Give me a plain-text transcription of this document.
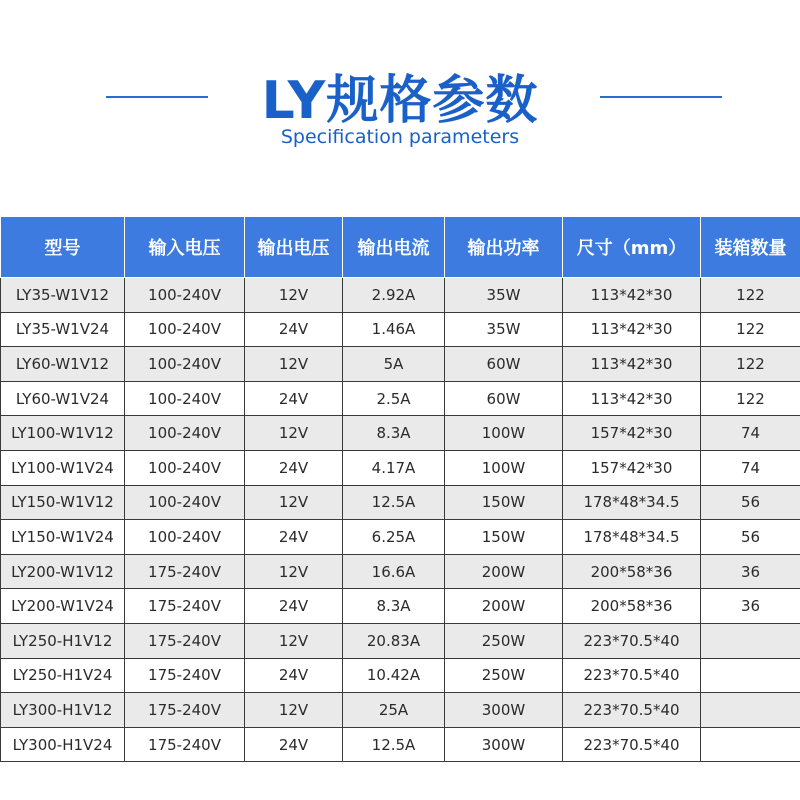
LY规格参数
Specification parameters
型号	输入电压	输出电压	输出电流	输出功率	尺寸（mm）	装箱数量
LY35-W1V12	100-240V	12V	2.92A	35W	113*42*30	122
LY35-W1V24	100-240V	24V	1.46A	35W	113*42*30	122
LY60-W1V12	100-240V	12V	5A	60W	113*42*30	122
LY60-W1V24	100-240V	24V	2.5A	60W	113*42*30	122
LY100-W1V12	100-240V	12V	8.3A	100W	157*42*30	74
LY100-W1V24	100-240V	24V	4.17A	100W	157*42*30	74
LY150-W1V12	100-240V	12V	12.5A	150W	178*48*34.5	56
LY150-W1V24	100-240V	24V	6.25A	150W	178*48*34.5	56
LY200-W1V12	175-240V	12V	16.6A	200W	200*58*36	36
LY200-W1V24	175-240V	24V	8.3A	200W	200*58*36	36
LY250-H1V12	175-240V	12V	20.83A	250W	223*70.5*40	
LY250-H1V24	175-240V	24V	10.42A	250W	223*70.5*40	
LY300-H1V12	175-240V	12V	25A	300W	223*70.5*40	
LY300-H1V24	175-240V	24V	12.5A	300W	223*70.5*40	
